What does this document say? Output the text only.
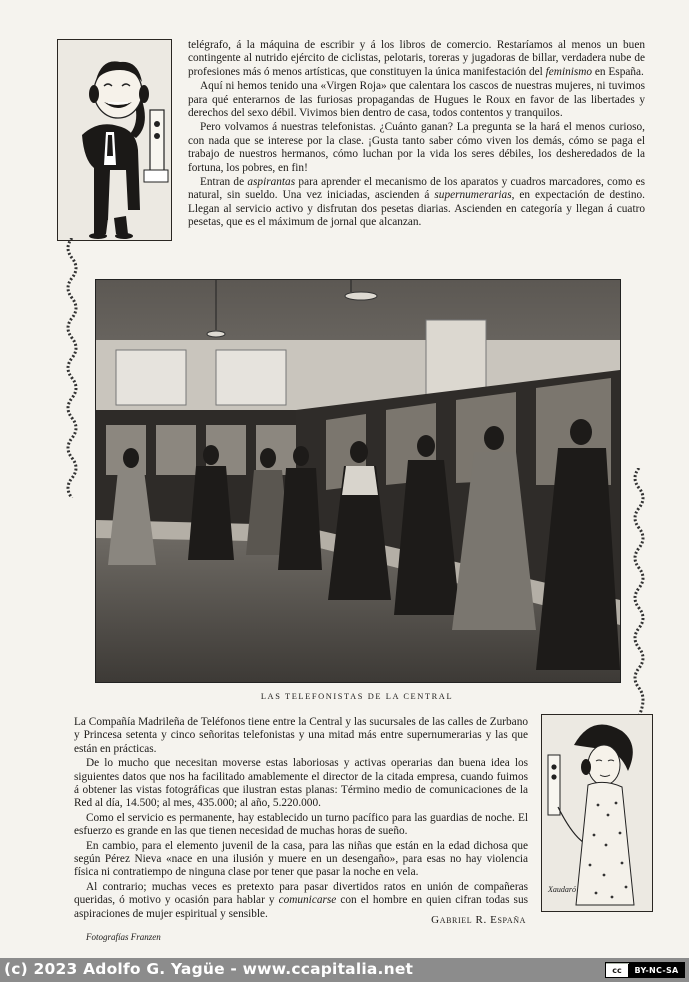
telégrafo, á la máquina de escribir y á los libros de comercio. Restaríamos al menos un buen contingente al nutrido ejército de ciclistas, pelotaris, toreras y jugadoras de billar, verdadera nube de profesiones más ó menos artísticas, que constituyen la única manifestación del feminismo en España.

Aquí ni hemos tenido una «Virgen Roja» que calentara los cascos de nuestras mujeres, ni tuvimos para qué enterarnos de las furiosas propagandas de Hugues le Roux en favor de las libertades y derechos del sexo débil. Vivimos bien dentro de casa, todos contentos y tranquilos.

Pero volvamos á nuestras telefonistas. ¿Cuánto ganan? La pregunta se la hará el menos curioso, con nada que se interese por la clase. ¡Gusta tanto saber cómo viven los demás, cómo se paga el trabajo de nuestros hermanos, cómo luchan por la vida los seres débiles, los desheredados de la fortuna, los pobres, en fin!

Entran de aspirantas para aprender el mecanismo de los aparatos y cuadros marcadores, como es natural, sin sueldo. Una vez iniciadas, ascienden á supernumerarias, en expectación de destino. Llegan al servicio activo y disfrutan dos pesetas diarias. Ascienden en categoría y llegan á cuatro pesetas, que es el máximum de jornal que alcanzan.

LAS TELEFONISTAS DE LA CENTRAL
Xaudaró

La Compañía Madrileña de Teléfonos tiene entre la Central y las sucursales de las calles de Zurbano y Princesa setenta y cinco señoritas telefonistas y una mitad más entre supernumerarias y las que están en prácticas.

De lo mucho que necesitan moverse estas laboriosas y activas operarias dan buena idea los siguientes datos que nos ha facilitado amablemente el director de la citada empresa, cuando fuimos á obtener las vistas fotográficas que ilustran estas planas: Término medio de comunicaciones de la Red al día, 14.500; al mes, 435.000; al año, 5.220.000.

Como el servicio es permanente, hay establecido un turno pacífico para las guardias de noche. El esfuerzo es grande en las que tienen necesidad de muchas horas de sueño.

En cambio, para el elemento juvenil de la casa, para las niñas que están en la edad dichosa que según Pérez Nieva «nace en una ilusión y muere en un desengaño», para esas no hay violencia física ni contratiempo de ninguna clase por tener que pasar la noche en vela.

Al contrario; muchas veces es pretexto para pasar divertidos ratos en unión de compañeras queridas, ó motivo y ocasión para hablar y comunicarse con el hombre en quien cifran todas sus aspiraciones de mujer espiritual y sensible.

Gabriel R. España
Fotografías Franzen
(c) 2023 Adolfo G. Yagüe - www.ccapitalia.net	cc	BY-NC-SA
